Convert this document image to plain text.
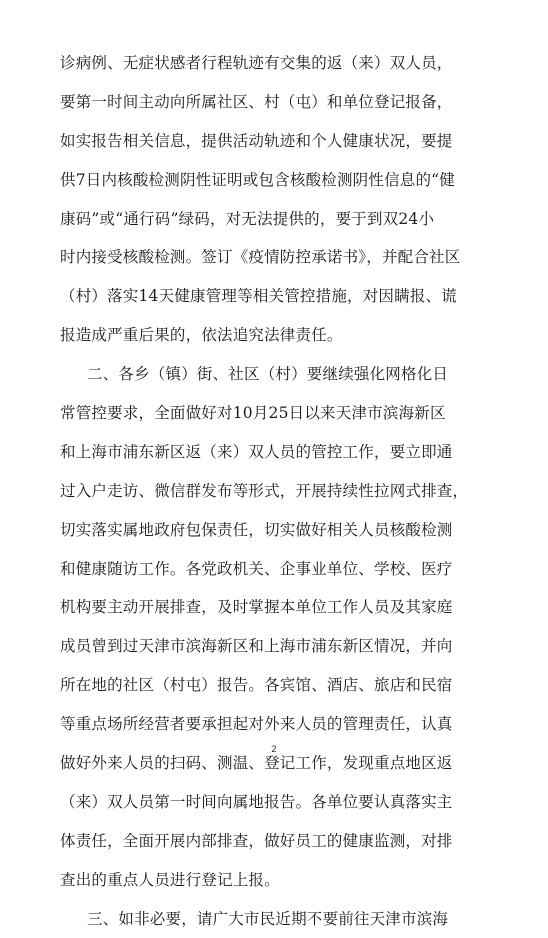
诊病例、无症状感者行程轨迹有交集的返（来）双人员，
要第一时间主动向所属社区、村（屯）和单位登记报备，
如实报告相关信息，提供活动轨迹和个人健康状况，要提
供7日内核酸检测阴性证明或包含核酸检测阴性信息的“健
康码”或“通行码”绿码，对无法提供的，要于到双24小
时内接受核酸检测。签订《疫情防控承诺书》，并配合社区
（村）落实14天健康管理等相关管控措施，对因瞒报、谎
报造成严重后果的，依法追究法律责任。
二、各乡（镇）街、社区（村）要继续强化网格化日
常管控要求，全面做好对10月25日以来天津市滨海新区
和上海市浦东新区返（来）双人员的管控工作，要立即通
过入户走访、微信群发布等形式，开展持续性拉网式排查，
切实落实属地政府包保责任，切实做好相关人员核酸检测
和健康随访工作。各党政机关、企事业单位、学校、医疗
机构要主动开展排查，及时掌握本单位工作人员及其家庭
成员曾到过天津市滨海新区和上海市浦东新区情况，并向
所在地的社区（村屯）报告。各宾馆、酒店、旅店和民宿
等重点场所经营者要承担起对外来人员的管理责任，认真
做好外来人员的扫码、测温、登记工作，发现重点地区返
（来）双人员第一时间向属地报告。各单位要认真落实主
体责任，全面开展内部排查，做好员工的健康监测，对排
查出的重点人员进行登记上报。
三、如非必要，请广大市民近期不要前往天津市滨海
2
